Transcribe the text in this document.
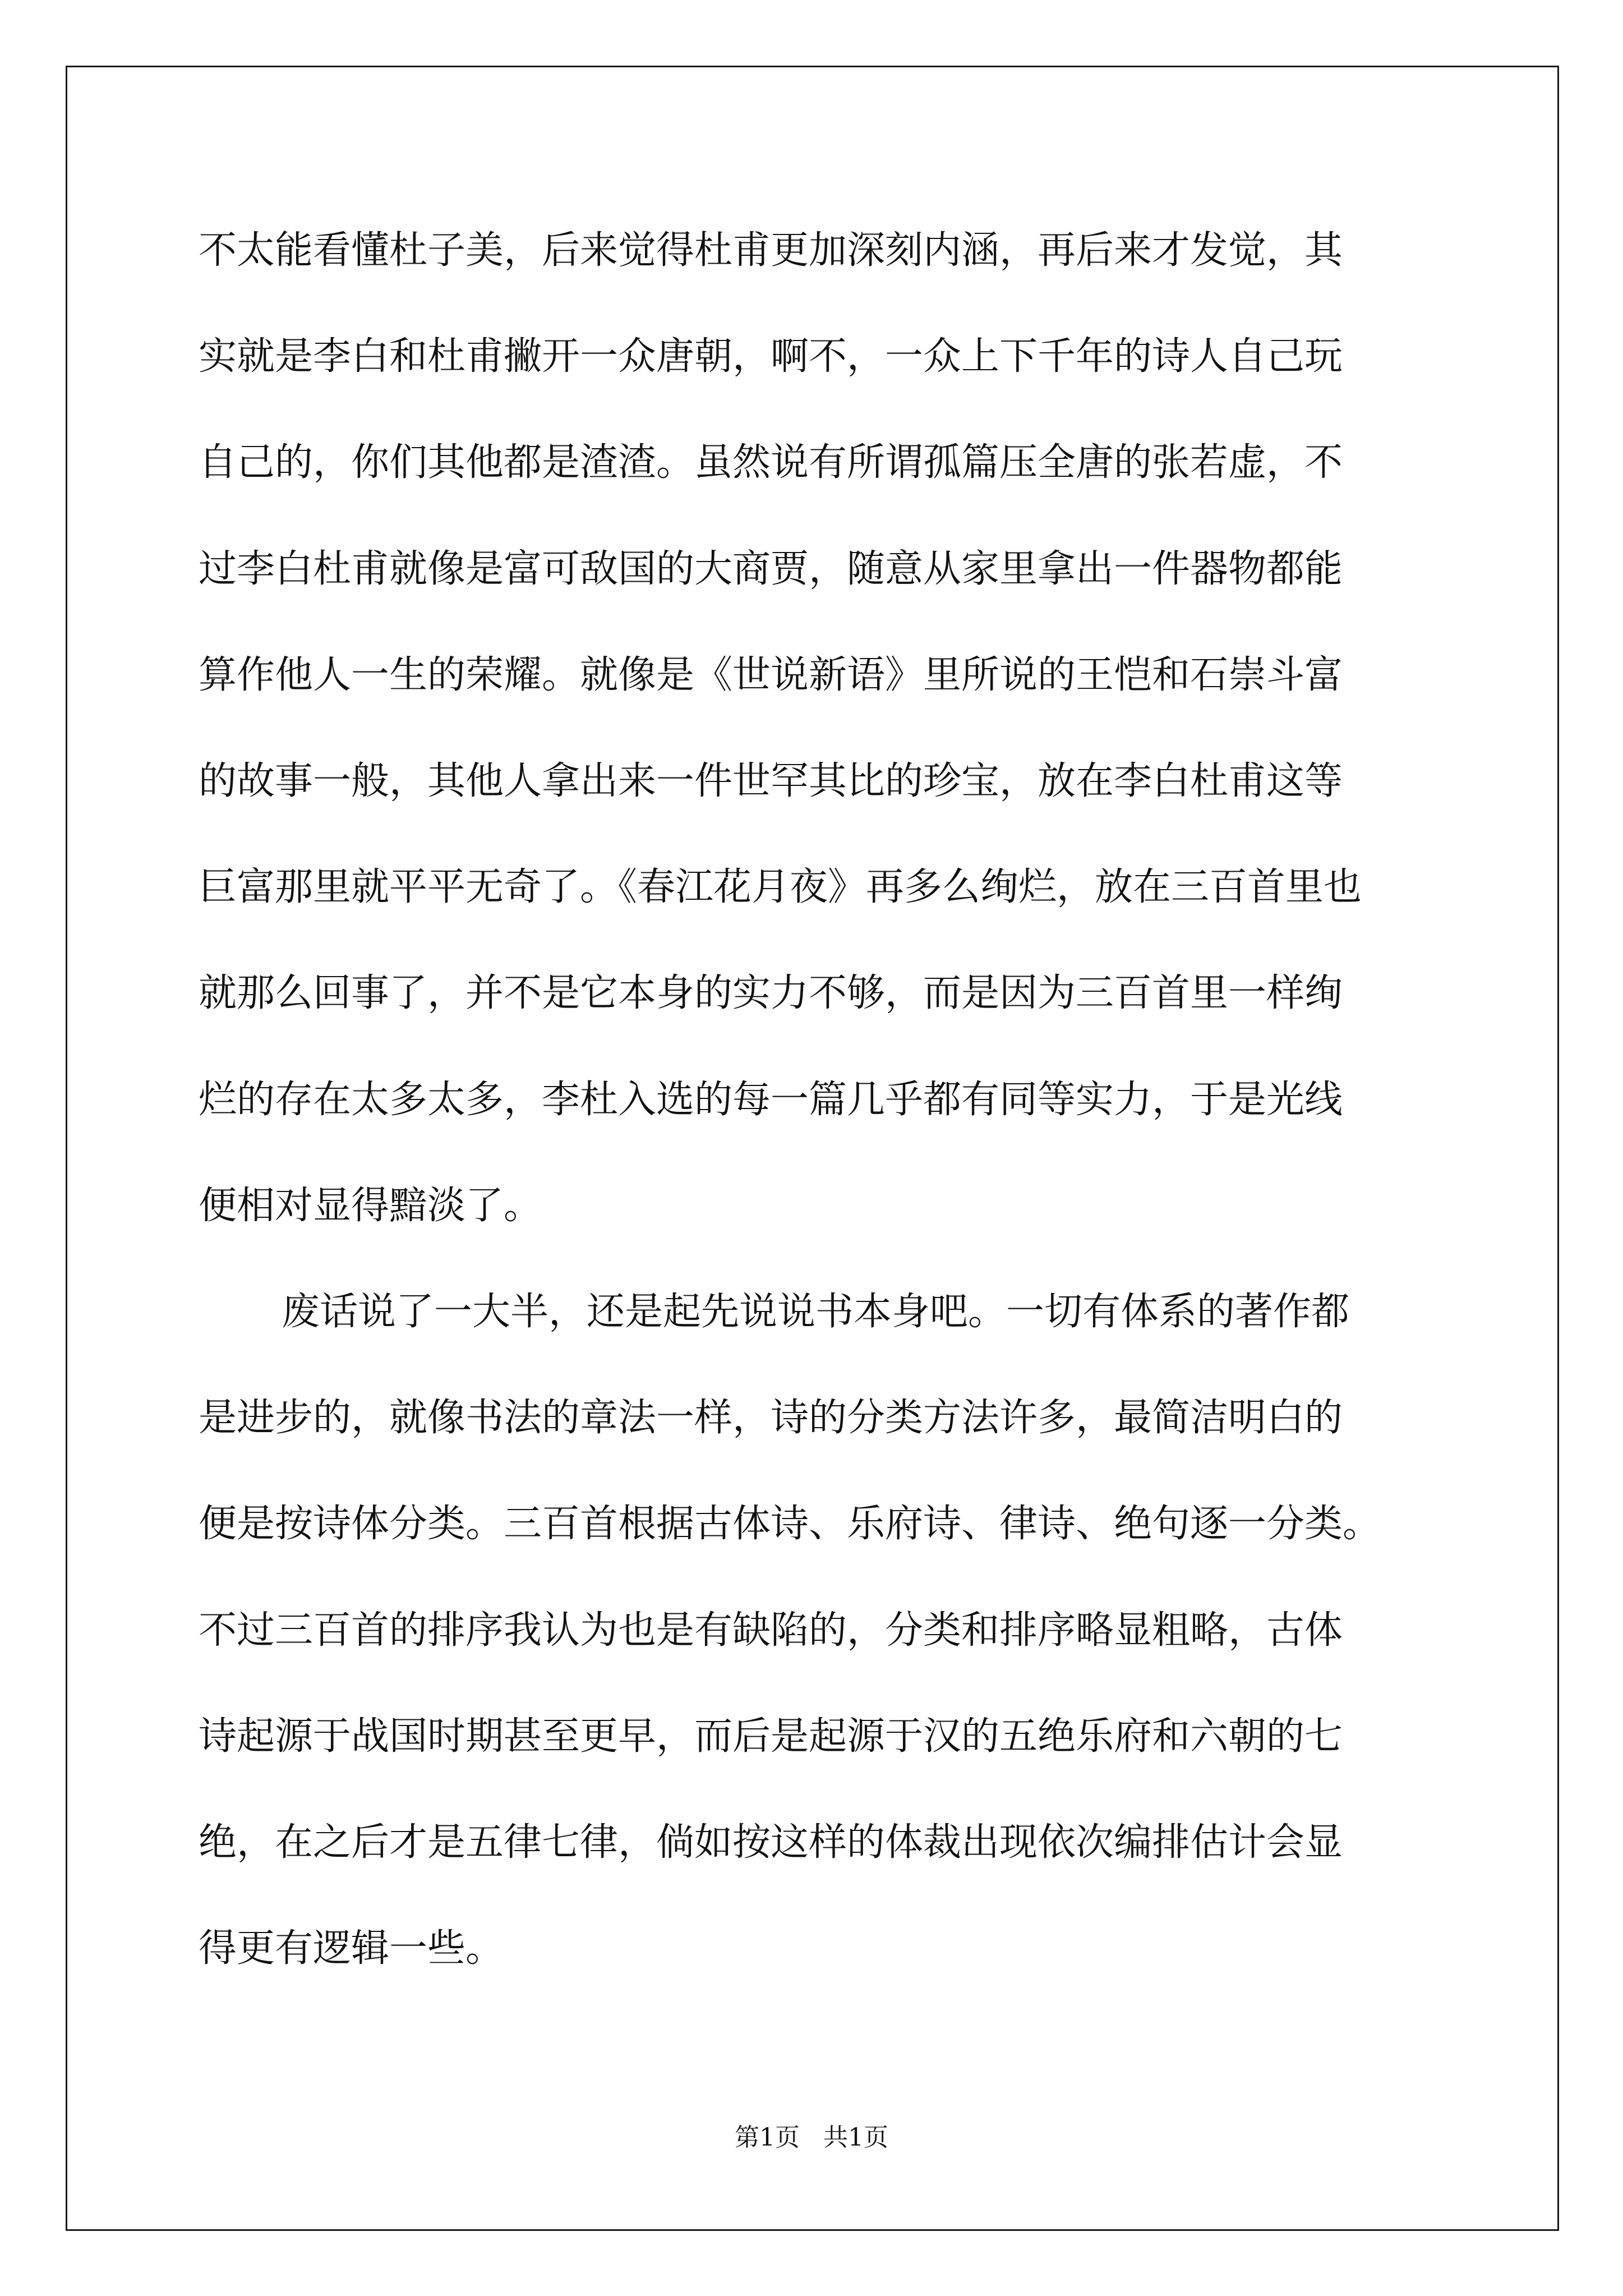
不太能看懂杜子美，后来觉得杜甫更加深刻内涵，再后来才发觉，其
实就是李白和杜甫撇开一众唐朝，啊不，一众上下千年的诗人自己玩
自己的，你们其他都是渣渣。虽然说有所谓孤篇压全唐的张若虚，不
过李白杜甫就像是富可敌国的大商贾，随意从家里拿出一件器物都能
算作他人一生的荣耀。就像是《世说新语》里所说的王恺和石崇斗富
的故事一般，其他人拿出来一件世罕其比的珍宝，放在李白杜甫这等
巨富那里就平平无奇了。《春江花月夜》再多么绚烂，放在三百首里也
就那么回事了，并不是它本身的实力不够，而是因为三百首里一样绚
烂的存在太多太多，李杜入选的每一篇几乎都有同等实力，于是光线
便相对显得黯淡了。
废话说了一大半，还是起先说说书本身吧。一切有体系的著作都
是进步的，就像书法的章法一样，诗的分类方法许多，最简洁明白的
便是按诗体分类。三百首根据古体诗、乐府诗、律诗、绝句逐一分类。
不过三百首的排序我认为也是有缺陷的，分类和排序略显粗略，古体
诗起源于战国时期甚至更早，而后是起源于汉的五绝乐府和六朝的七
绝，在之后才是五律七律，倘如按这样的体裁出现依次编排估计会显
得更有逻辑一些。
第1页   共1页
